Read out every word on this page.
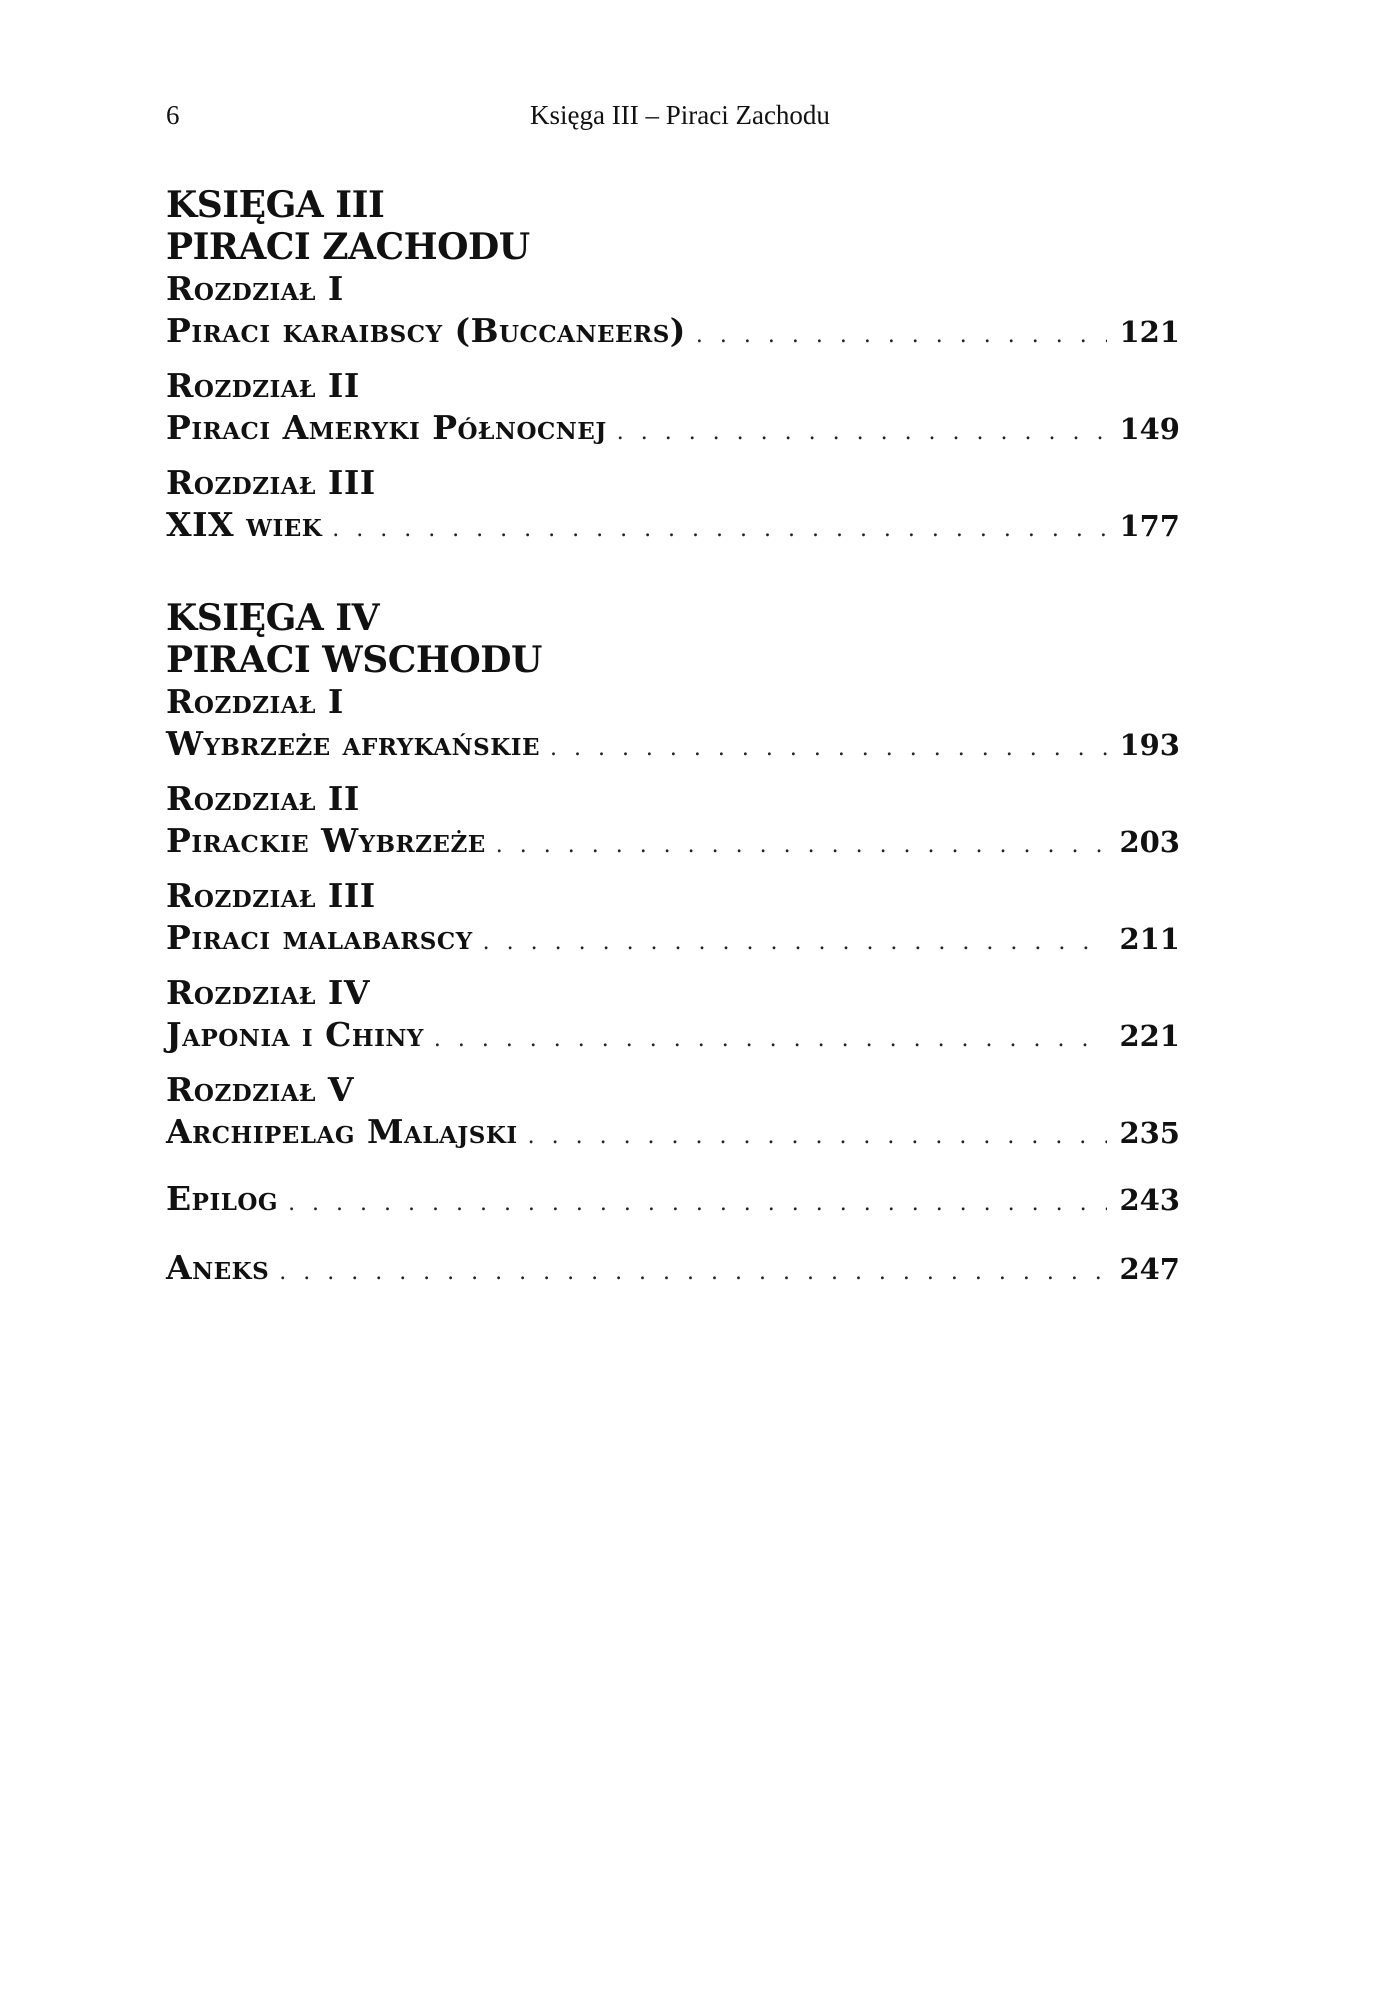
6	Księga III – Piraci Zachodu
KSIĘGA III
PIRACI ZACHODU
Rozdział I
Piraci karaibscy (Buccaneers) . . .	121
Rozdział II
Piraci Ameryki Północnej . . .	149
Rozdział III
XIX wiek . . .	177
KSIĘGA IV
PIRACI WSCHODU
Rozdział I
Wybrzeże afrykańskie . . .	193
Rozdział II
Pirackie Wybrzeże . . .	203
Rozdział III
Piraci malabarscy . . .	211
Rozdział IV
Japonia i Chiny . . .	221
Rozdział V
Archipelag Malajski . . .	235
Epilog . . .	243
Aneks . . .	247
